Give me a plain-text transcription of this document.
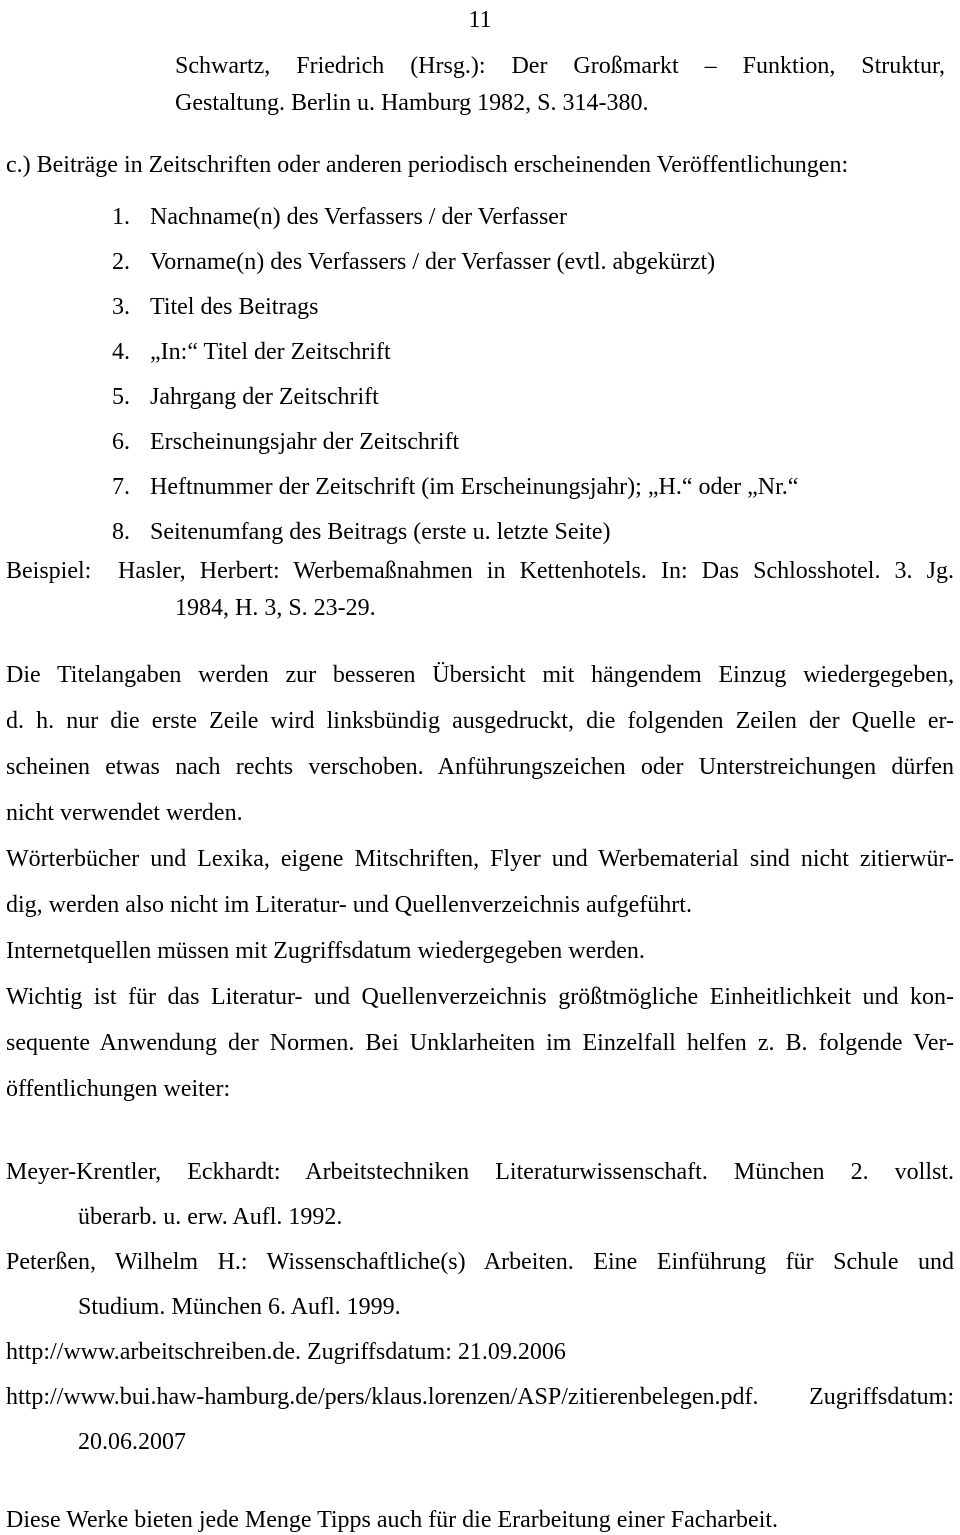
11
Schwartz, Friedrich (Hrsg.): Der Großmarkt – Funktion, Struktur,
Gestaltung. Berlin u. Hamburg 1982, S. 314-380.
c.) Beiträge in Zeitschriften oder anderen periodisch erscheinenden Veröffentlichungen:
1. Nachname(n) des Verfassers / der Verfasser
2. Vorname(n) des Verfassers / der Verfasser (evtl. abgekürzt)
3. Titel des Beitrags
4. „In:“ Titel der Zeitschrift
5. Jahrgang der Zeitschrift
6. Erscheinungsjahr der Zeitschrift
7. Heftnummer der Zeitschrift (im Erscheinungsjahr); „H.“ oder „Nr.“
8. Seitenumfang des Beitrags (erste u. letzte Seite)
Beispiel:	Hasler, Herbert: Werbemaßnahmen in Kettenhotels. In: Das Schlosshotel. 3. Jg.
1984, H. 3, S. 23-29.
Die Titelangaben werden zur besseren Übersicht mit hängendem Einzug wiedergegeben,
d. h. nur die erste Zeile wird linksbündig ausgedruckt, die folgenden Zeilen der Quelle er-
scheinen etwas nach rechts verschoben. Anführungszeichen oder Unterstreichungen dürfen
nicht verwendet werden.
Wörterbücher und Lexika, eigene Mitschriften, Flyer und Werbematerial sind nicht zitierwür-
dig, werden also nicht im Literatur- und Quellenverzeichnis aufgeführt.
Internetquellen müssen mit Zugriffsdatum wiedergegeben werden.
Wichtig ist für das Literatur- und Quellenverzeichnis größtmögliche Einheitlichkeit und kon-
sequente Anwendung der Normen. Bei Unklarheiten im Einzelfall helfen z. B. folgende Ver-
öffentlichungen weiter:
Meyer-Krentler, Eckhardt: Arbeitstechniken Literaturwissenschaft. München 2. vollst.
überarb. u. erw. Aufl. 1992.
Peterßen, Wilhelm H.: Wissenschaftliche(s) Arbeiten. Eine Einführung für Schule und
Studium. München 6. Aufl. 1999.
http://www.arbeitschreiben.de. Zugriffsdatum: 21.09.2006
http://www.bui.haw-hamburg.de/pers/klaus.lorenzen/ASP/zitierenbelegen.pdf. Zugriffsdatum:
20.06.2007
Diese Werke bieten jede Menge Tipps auch für die Erarbeitung einer Facharbeit.
